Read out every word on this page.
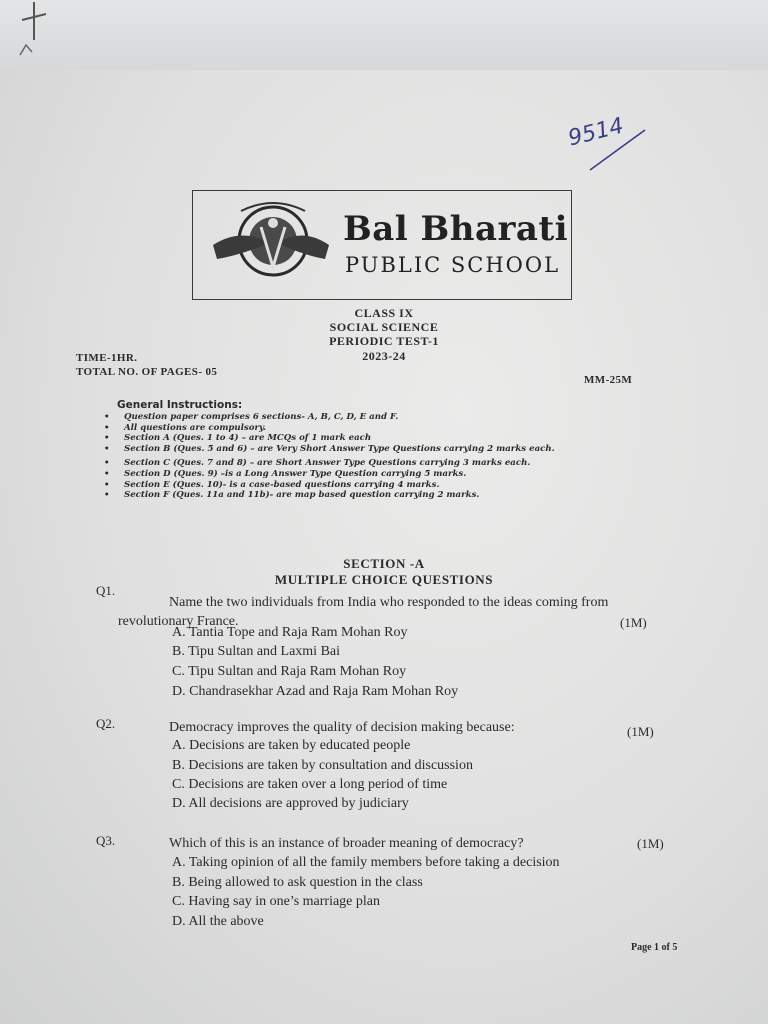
9514
Bal Bharati
PUBLIC SCHOOL
CLASS IX
SOCIAL SCIENCE
PERIODIC TEST-1
2023-24
TIME-1HR.
TOTAL NO. OF PAGES- 05
MM-25M
General Instructions:
• Question paper comprises 6 sections- A, B, C, D, E and F.
• All questions are compulsory.
• Section A (Ques. 1 to 4) – are MCQs of 1 mark each
• Section B (Ques. 5 and 6) – are Very Short Answer Type Questions carrying 2 marks each.
• Section C (Ques. 7 and 8) – are Short Answer Type Questions carrying 3 marks each.
• Section D (Ques. 9) –is a Long Answer Type Question carrying 5 marks.
• Section E (Ques. 10)- is a case-based questions carrying 4 marks.
• Section F (Ques. 11a and 11b)- are map based question carrying 2 marks.
SECTION -A
MULTIPLE CHOICE QUESTIONS
Q1.
Name the two individuals from India who responded to the ideas coming from revolutionary France.	(1M)
A. Tantia Tope and Raja Ram Mohan Roy
B. Tipu Sultan and Laxmi Bai
C. Tipu Sultan and Raja Ram Mohan Roy
D. Chandrasekhar Azad and Raja Ram Mohan Roy
Q2.	Democracy improves the quality of decision making because:	(1M)
A. Decisions are taken by educated people
B. Decisions are taken by consultation and discussion
C. Decisions are taken over a long period of time
D. All decisions are approved by judiciary
Q3.	Which of this is an instance of broader meaning of democracy?	(1M)
A. Taking opinion of all the family members before taking a decision
B. Being allowed to ask question in the class
C. Having say in one’s marriage plan
D. All the above
Page 1 of 5
